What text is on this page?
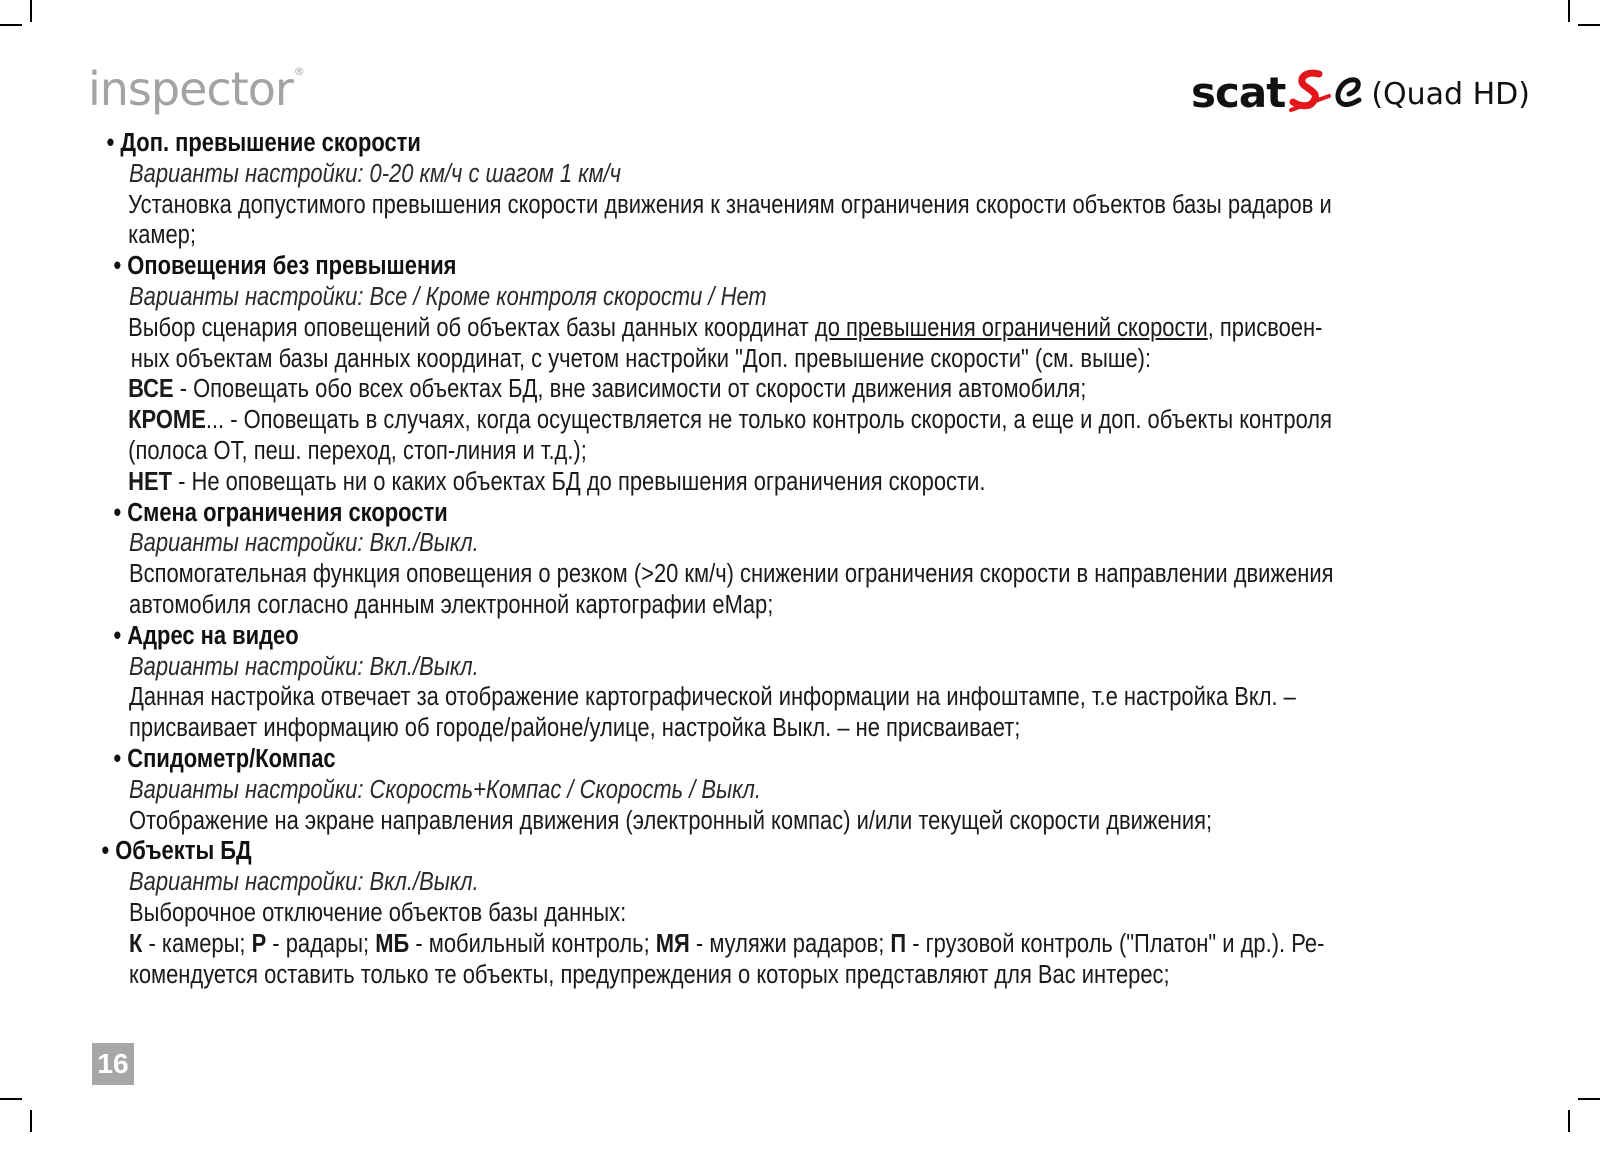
inspector®	scat	(Quad HD)
• Доп. превышение скорости
Варианты настройки: 0-20 км/ч с шагом 1 км/ч
Установка допустимого превышения скорости движения к значениям ограничения скорости объектов базы радаров и
камер;
• Оповещения без превышения
Варианты настройки: Все / Кроме контроля скорости / Нет
Выбор сценария оповещений об объектах базы данных координат до превышения ограничений скорости, присвоен-
ных объектам базы данных координат, с учетом настройки "Доп. превышение скорости" (см. выше):
ВСЕ - Оповещать обо всех объектах БД, вне зависимости от скорости движения автомобиля;
КРОМЕ... - Оповещать в случаях, когда осуществляется не только контроль скорости, а еще и доп. объекты контроля
(полоса ОТ, пеш. переход, стоп-линия и т.д.);
НЕТ - Не оповещать ни о каких объектах БД до превышения ограничения скорости.
• Смена ограничения скорости
Варианты настройки: Вкл./Выкл.
Вспомогательная функция оповещения о резком (>20 км/ч) снижении ограничения скорости в направлении движения
автомобиля согласно данным электронной картографии eMap;
• Адрес на видео
Варианты настройки: Вкл./Выкл.
Данная настройка отвечает за отображение картографической информации на инфоштампе, т.е настройка Вкл. –
присваивает информацию об городе/районе/улице, настройка Выкл. – не присваивает;
• Спидометр/Компас
Варианты настройки: Скорость+Компас / Скорость / Выкл.
Отображение на экране направления движения (электронный компас) и/или текущей скорости движения;
• Объекты БД
Варианты настройки: Вкл./Выкл.
Выборочное отключение объектов базы данных:
К - камеры; Р - радары; МБ - мобильный контроль; МЯ - муляжи радаров; П - грузовой контроль ("Платон" и др.). Ре-
комендуется оставить только те объекты, предупреждения о которых представляют для Вас интерес;
16
